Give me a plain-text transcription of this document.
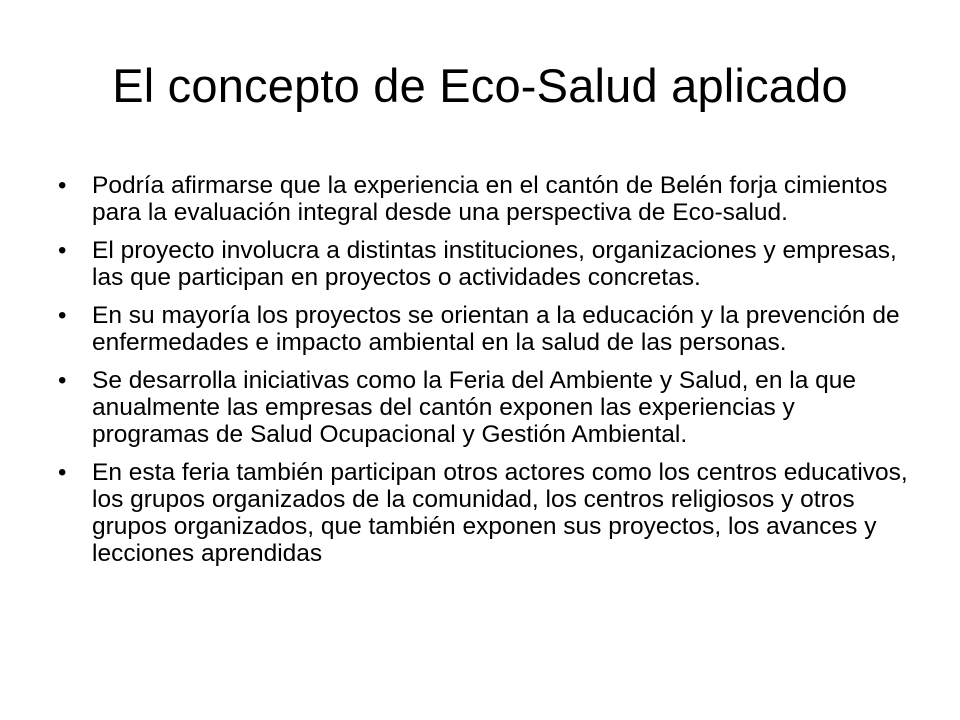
El concepto de Eco-Salud aplicado
• Podría afirmarse que la experiencia en el cantón de Belén forja cimientos para la evaluación integral desde una perspectiva de Eco-salud.
• El proyecto involucra a distintas instituciones, organizaciones y empresas, las que participan en proyectos o actividades concretas.
• En su mayoría los proyectos se orientan a la educación y la prevención de enfermedades e impacto ambiental en la salud de las personas.
• Se desarrolla iniciativas como la Feria del Ambiente y Salud, en la que anualmente las empresas del cantón exponen las experiencias y programas de Salud Ocupacional y Gestión Ambiental.
• En esta feria también participan otros actores como los centros educativos, los grupos organizados de la comunidad, los centros religiosos y otros grupos organizados, que también exponen sus proyectos, los avances y lecciones aprendidas
